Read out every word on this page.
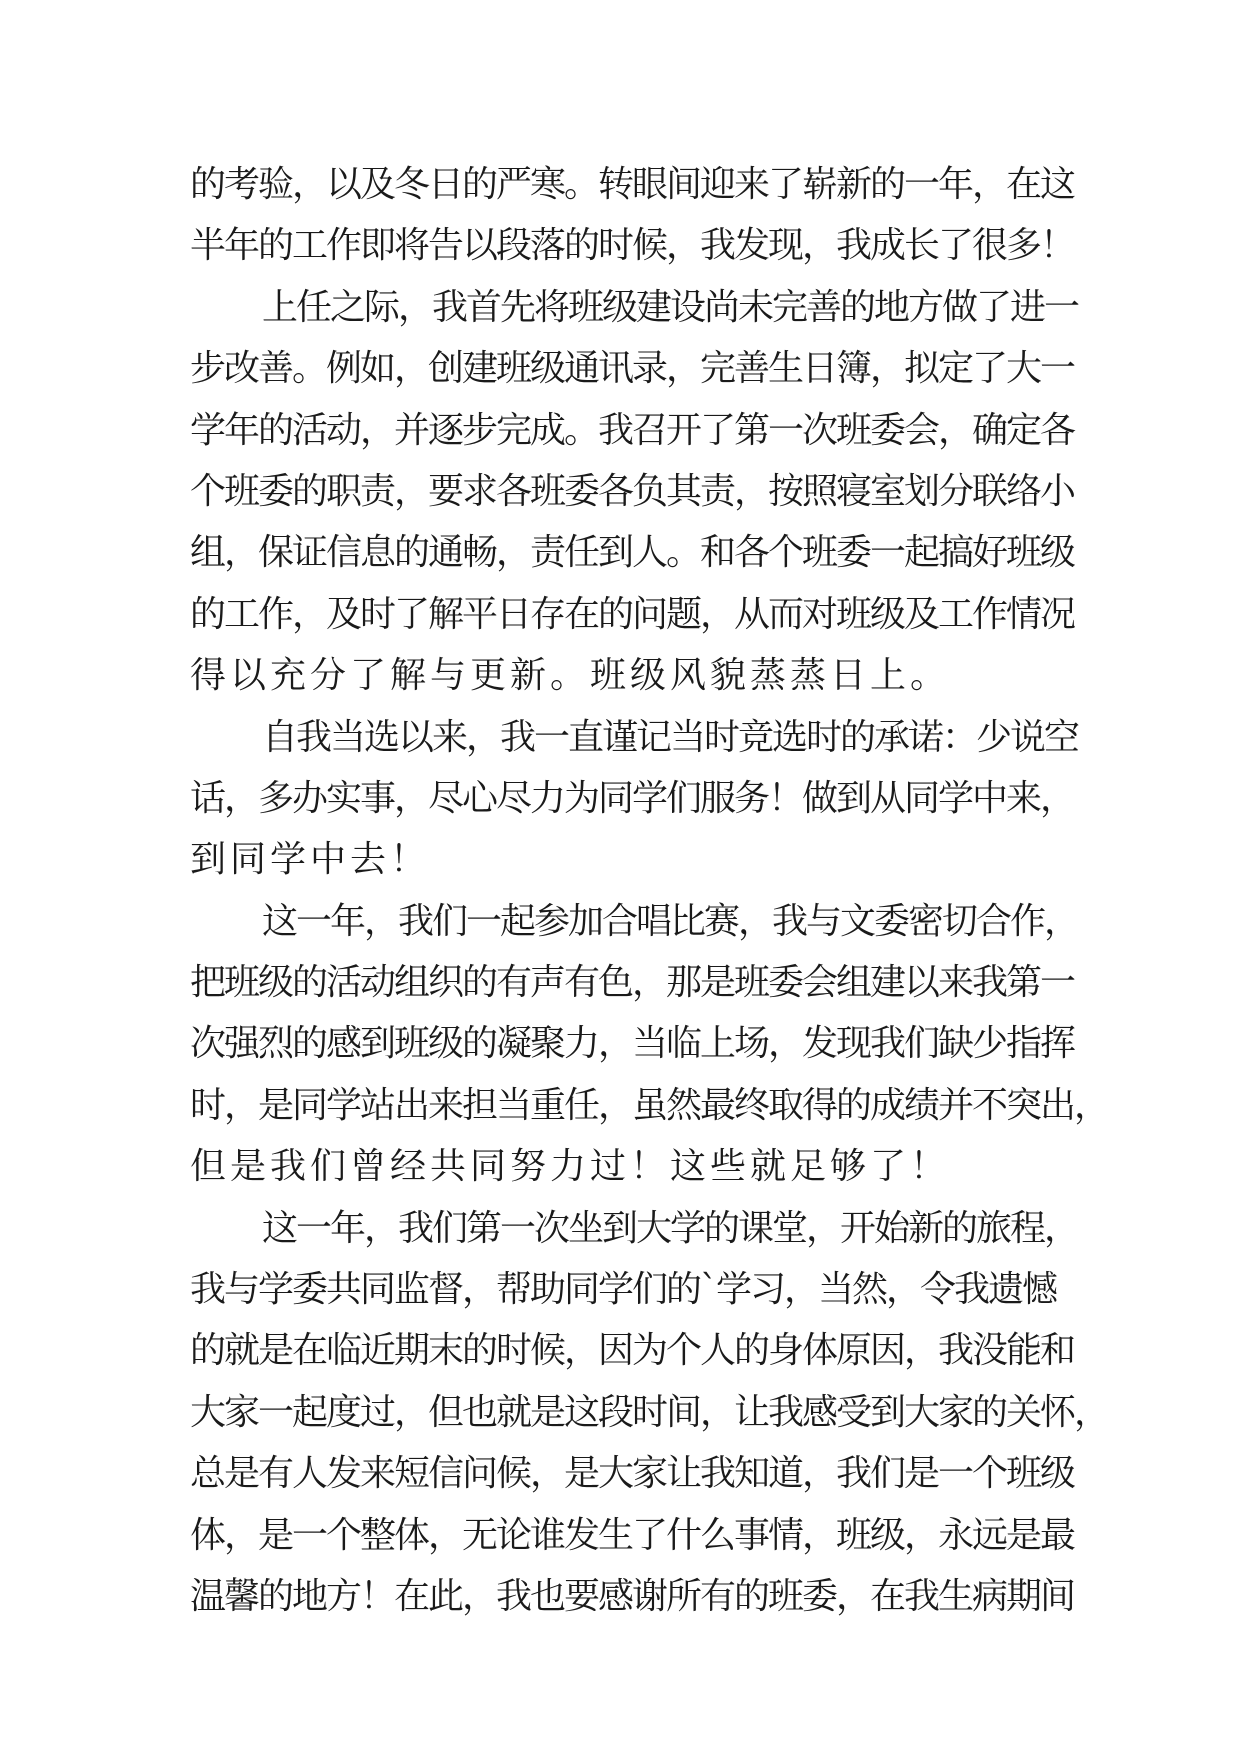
的考验，以及冬日的严寒。转眼间迎来了崭新的一年，在这
半年的工作即将告以段落的时候，我发现，我成长了很多！
上任之际，我首先将班级建设尚未完善的地方做了进一
步改善。例如，创建班级通讯录，完善生日簿，拟定了大一
学年的活动，并逐步完成。我召开了第一次班委会，确定各
个班委的职责，要求各班委各负其责，按照寝室划分联络小
组，保证信息的通畅，责任到人。和各个班委一起搞好班级
的工作，及时了解平日存在的问题，从而对班级及工作情况
得以充分了解与更新。班级风貌蒸蒸日上。
自我当选以来，我一直谨记当时竞选时的承诺：少说空
话，多办实事，尽心尽力为同学们服务！做到从同学中来，
到同学中去！
这一年，我们一起参加合唱比赛，我与文委密切合作，
把班级的活动组织的有声有色，那是班委会组建以来我第一
次强烈的感到班级的凝聚力，当临上场，发现我们缺少指挥
时，是同学站出来担当重任，虽然最终取得的成绩并不突出，
但是我们曾经共同努力过！这些就足够了！
这一年，我们第一次坐到大学的课堂，开始新的旅程，
我与学委共同监督，帮助同学们的`学习，当然，令我遗憾
的就是在临近期末的时候，因为个人的身体原因，我没能和
大家一起度过，但也就是这段时间，让我感受到大家的关怀，
总是有人发来短信问候，是大家让我知道，我们是一个班级
体，是一个整体，无论谁发生了什么事情，班级，永远是最
温馨的地方！在此，我也要感谢所有的班委，在我生病期间
